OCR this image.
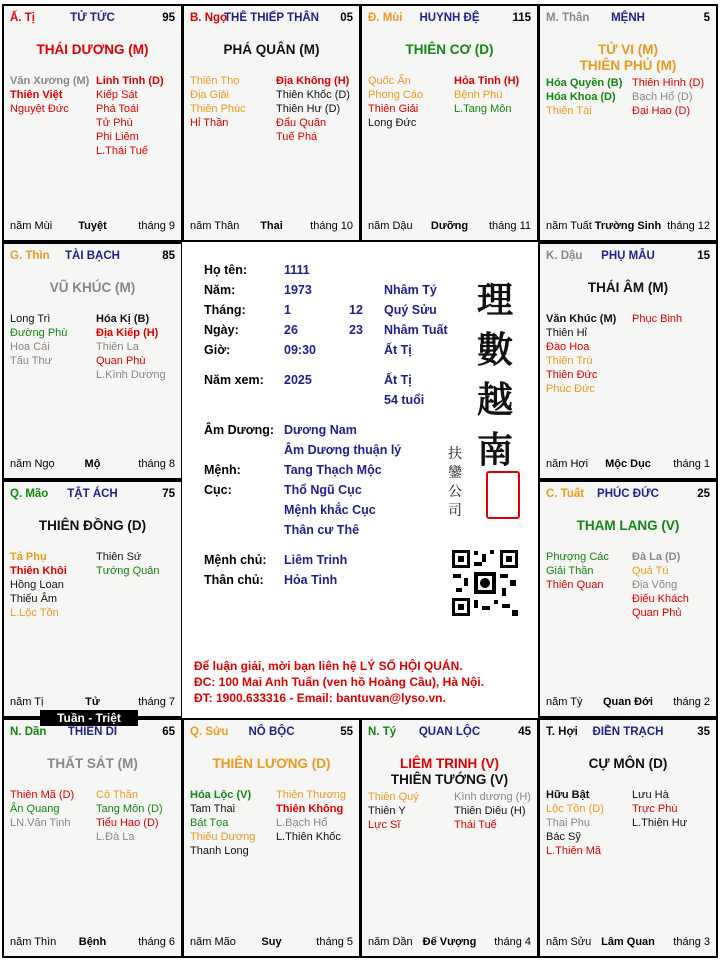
TỬ TỨC
Ấ. Tị	95
THÁI DƯƠNG (M)
Văn Xương (M)
Thiên Việt
Nguyệt Đức
Linh Tinh (D)
Kiếp Sát
Phá Toái
Tử Phù
Phi Liêm
L.Thái Tuế
Tuyệt
năm Mùi	tháng 9
THÊ THIẾP THÂN
B. Ngọ	05
PHÁ QUÂN (M)
Thiên Thọ
Địa Giải
Thiên Phúc
Hỉ Thần
Địa Không (H)
Thiên Khốc (D)
Thiên Hư (D)
Đẩu Quân
Tuế Phá
Thai
năm Thân	tháng 10
HUYNH ĐỆ
Đ. Mùi	115
THIÊN CƠ (D)
Quốc Ấn
Phong Cáo
Thiên Giải
Long Đức
Hỏa Tinh (H)
Bệnh Phù
L.Tang Môn
Dưỡng
năm Dậu	tháng 11
MỆNH
M. Thân	5
TỬ VI (M)
THIÊN PHỦ (M)
Hóa Quyền (B)
Hóa Khoa (D)
Thiên Tài
Thiên Hình (D)
Bạch Hổ (D)
Đại Hao (D)
Trường Sinh
năm Tuất	tháng 12
TÀI BẠCH
G. Thìn	85
VŨ KHÚC (M)
Long Trì
Đường Phù
Hoa Cái
Tấu Thư
Hóa Kị (B)
Địa Kiếp (H)
Thiên La
Quan Phù
L.Kình Dương
Mộ
năm Ngọ	tháng 8
PHỤ MẪU
K. Dậu	15
THÁI ÂM (M)
Văn Khúc (M)
Thiên Hỉ
Đào Hoa
Thiên Trù
Thiên Đức
Phúc Đức
Phục Binh
Mộc Dục
năm Hợi	tháng 1
TẬT ÁCH
Q. Mão	75
THIÊN ĐỒNG (D)
Tả Phụ
Thiên Khôi
Hồng Loan
Thiếu Âm
L.Lộc Tồn
Thiên Sứ
Tướng Quân
Tử
năm Tị	tháng 7
PHÚC ĐỨC
C. Tuất	25
THAM LANG (V)
Phượng Các
Giải Thần
Thiên Quan
Đà La (D)
Quả Tú
Địa Võng
Điếu Khách
Quan Phủ
Quan Đới
năm Tý	tháng 2
THIÊN DI
N. Dần	65
THẤT SÁT (M)
Thiên Mã (D)
Ân Quang
LN.Văn Tinh
Cô Thần
Tang Môn (D)
Tiểu Hao (D)
L.Đà La
Bệnh
năm Thìn	tháng 6
NÔ BỘC
Q. Sửu	55
THIÊN LƯƠNG (D)
Hóa Lộc (V)
Tam Thai
Bát Tọa
Thiếu Dương
Thanh Long
Thiên Thương
Thiên Không
L.Bạch Hổ
L.Thiên Khốc
Suy
năm Mão	tháng 5
QUAN LỘC
N. Tý	45
LIÊM TRINH (V)
THIÊN TƯỚNG (V)
Thiên Quý
Thiên Y
Lực Sĩ
Kình dương (H)
Thiên Diêu (H)
Thái Tuế
Đế Vượng
năm Dần	tháng 4
ĐIỀN TRẠCH
T. Hợi	35
CỰ MÔN (D)
Hữu Bật
Lộc Tồn (D)
Thai Phụ
Bác Sỹ
L.Thiên Mã
Lưu Hà
Trực Phù
L.Thiên Hư
Lâm Quan
năm Sửu	tháng 3
Họ tên:	1111
Năm:	1973	Nhâm Tý
Tháng:	1	12 Quý Sửu
Ngày:	26	23 Nhâm Tuất
Giờ:	09:30	Ất Tị
Năm xem: 2025	Ất Tị
54 tuổi
Âm Dương: Dương Nam
Âm Dương thuận lý
Mệnh:	Tang Thạch Mộc
Cục:	Thổ Ngũ Cục
Mệnh khắc Cục
Thân cư Thê
Mệnh chủ: Liêm Trinh
Thân chủ: Hỏa Tinh
理
數
越
南
扶鑾公司
Để luận giải, mời bạn liên hệ LÝ SỐ HỘI QUÁN.
ĐC: 100 Mai Anh Tuấn (ven hồ Hoàng Cầu), Hà Nội.
ĐT: 1900.633316 - Email: bantuvan@lyso.vn.
Tuần - Triệt
